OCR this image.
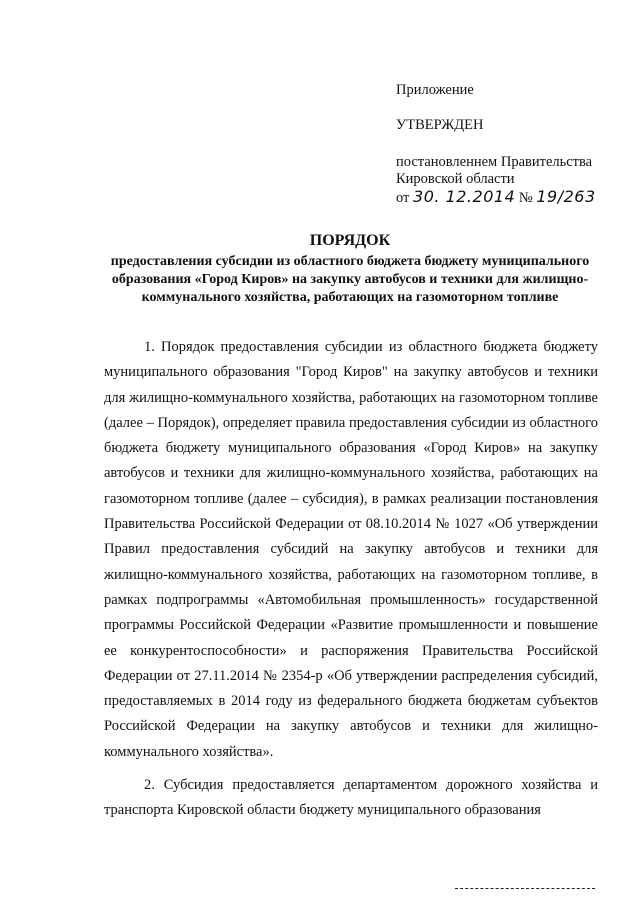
Приложение
УТВЕРЖДЕН
постановленнем Правительства
Кировской области
от 30. 12.2014 № 19/263
ПОРЯДОК
предоставления субсидии из областного бюджета бюджету муниципального образования «Город Киров» на закупку автобусов и техники для жилищно-коммунального хозяйства, работающих на газомоторном топливе

1. Порядок предоставления субсидии из областного бюджета бюджету муниципального образования "Город Киров" на закупку автобусов и техники для жилищно-коммунального хозяйства, работающих на газомоторном топливе (далее – Порядок), определяет правила предоставления субсидии из областного бюджета бюджету муниципального образования «Город Киров» на закупку автобусов и техники для жилищно-коммунального хозяйства, работающих на газомоторном топливе (далее – субсидия), в рамках реализации постановления Правительства Российской Федерации от 08.10.2014 № 1027 «Об утверждении Правил предоставления субсидий на закупку автобусов и техники для жилищно-коммунального хозяйства, работающих на газомоторном топливе, в рамках подпрограммы «Автомобильная промышленность» государственной программы Российской Федерации «Развитие промышленности и повышение ее конкурентоспособности» и распоряжения Правительства Российской Федерации от 27.11.2014 № 2354-р «Об утверждении распределения субсидий, предоставляемых в 2014 году из федерального бюджета бюджетам субъектов Российской Федерации на закупку автобусов и техники для жилищно-коммунального хозяйства».

2. Субсидия предоставляется департаментом дорожного хозяйства и транспорта Кировской области бюджету муниципального образования
